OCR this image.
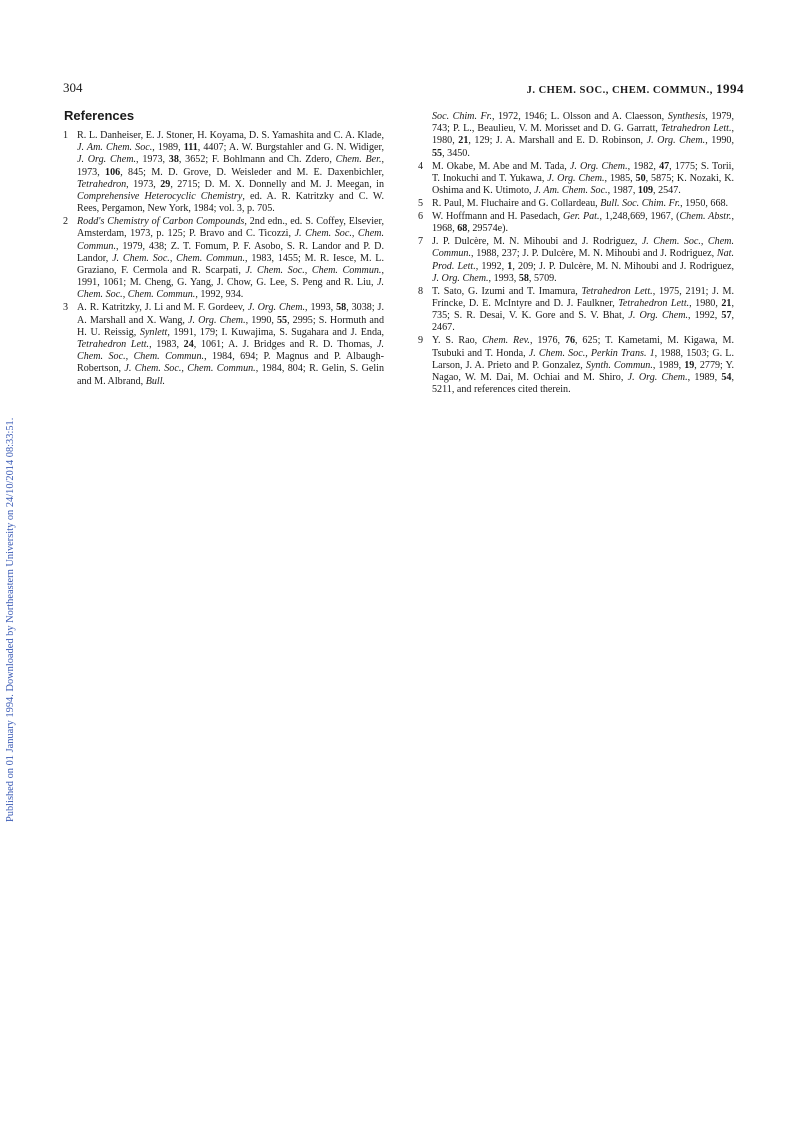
Published on 01 January 1994. Downloaded by Northeastern University on 24/10/2014 08:33:51.
304	J. CHEM. SOC., CHEM. COMMUN., 1994
References
1 R. L. Danheiser, E. J. Stoner, H. Koyama, D. S. Yamashita and C. A. Klade, J. Am. Chem. Soc., 1989, 111, 4407; A. W. Burgstahler and G. N. Widiger, J. Org. Chem., 1973, 38, 3652; F. Bohlmann and Ch. Zdero, Chem. Ber., 1973, 106, 845; M. D. Grove, D. Weisleder and M. E. Daxenbichler, Tetrahedron, 1973, 29, 2715; D. M. X. Donnelly and M. J. Meegan, in Comprehensive Heterocyclic Chemistry, ed. A. R. Katritzky and C. W. Rees, Pergamon, New York, 1984; vol. 3, p. 705.
2 Rodd's Chemistry of Carbon Compounds, 2nd edn., ed. S. Coffey, Elsevier, Amsterdam, 1973, p. 125; P. Bravo and C. Ticozzi, J. Chem. Soc., Chem. Commun., 1979, 438; Z. T. Fomum, P. F. Asobo, S. R. Landor and P. D. Landor, J. Chem. Soc., Chem. Commun., 1983, 1455; M. R. Iesce, M. L. Graziano, F. Cermola and R. Scarpati, J. Chem. Soc., Chem. Commun., 1991, 1061; M. Cheng, G. Yang, J. Chow, G. Lee, S. Peng and R. Liu, J. Chem. Soc., Chem. Commun., 1992, 934.
3 A. R. Katritzky, J. Li and M. F. Gordeev, J. Org. Chem., 1993, 58, 3038; J. A. Marshall and X. Wang, J. Org. Chem., 1990, 55, 2995; S. Hormuth and H. U. Reissig, Synlett, 1991, 179; I. Kuwajima, S. Sugahara and J. Enda, Tetrahedron Lett., 1983, 24, 1061; A. J. Bridges and R. D. Thomas, J. Chem. Soc., Chem. Commun., 1984, 694; P. Magnus and P. Albaugh-Robertson, J. Chem. Soc., Chem. Commun., 1984, 804; R. Gelin, S. Gelin and M. Albrand, Bull.
Soc. Chim. Fr., 1972, 1946; L. Olsson and A. Claesson, Synthesis, 1979, 743; P. L., Beaulieu, V. M. Morisset and D. G. Garratt, Tetrahedron Lett., 1980, 21, 129; J. A. Marshall and E. D. Robinson, J. Org. Chem., 1990, 55, 3450.
4 M. Okabe, M. Abe and M. Tada, J. Org. Chem., 1982, 47, 1775; S. Torii, T. Inokuchi and T. Yukawa, J. Org. Chem., 1985, 50, 5875; K. Nozaki, K. Oshima and K. Utimoto, J. Am. Chem. Soc., 1987, 109, 2547.
5 R. Paul, M. Fluchaire and G. Collardeau, Bull. Soc. Chim. Fr., 1950, 668.
6 W. Hoffmann and H. Pasedach, Ger. Pat., 1,248,669, 1967, (Chem. Abstr., 1968, 68, 29574e).
7 J. P. Dulcère, M. N. Mihoubi and J. Rodriguez, J. Chem. Soc., Chem. Commun., 1988, 237; J. P. Dulcère, M. N. Mihoubi and J. Rodriguez, Nat. Prod. Lett., 1992, 1, 209; J. P. Dulcère, M. N. Mihoubi and J. Rodriguez, J. Org. Chem., 1993, 58, 5709.
8 T. Sato, G. Izumi and T. Imamura, Tetrahedron Lett., 1975, 2191; J. M. Fríncke, D. E. McIntyre and D. J. Faulkner, Tetrahedron Lett., 1980, 21, 735; S. R. Desai, V. K. Gore and S. V. Bhat, J. Org. Chem., 1992, 57, 2467.
9 Y. S. Rao, Chem. Rev., 1976, 76, 625; T. Kametami, M. Kigawa, M. Tsubuki and T. Honda, J. Chem. Soc., Perkin Trans. 1, 1988, 1503; G. L. Larson, J. A. Prieto and P. Gonzalez, Synth. Commun., 1989, 19, 2779; Y. Nagao, W. M. Dai, M. Ochiai and M. Shiro, J. Org. Chem., 1989, 54, 5211, and references cited therein.
